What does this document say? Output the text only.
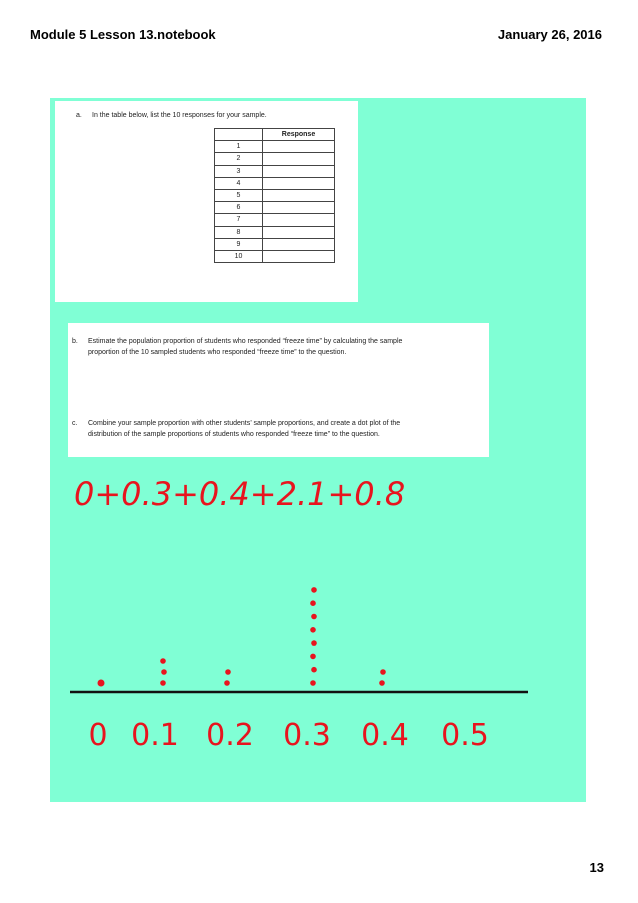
Module 5 Lesson 13.notebook	January 26, 2016
a. In the table below, list the 10 responses for your sample.
	Response
1	
2	
3	
4	
5	
6	
7	
8	
9	
10	
b. Estimate the population proportion of students who responded “freeze time” by calculating the sample
proportion of the 10 sampled students who responded “freeze time” to the question.
c. Combine your sample proportion with other students’ sample proportions, and create a dot plot of the
distribution of the sample proportions of students who responded “freeze time” to the question.
0+0.3+0.4+2.1+0.8
0 0.1 0.2 0.3 0.4 0.5
13
